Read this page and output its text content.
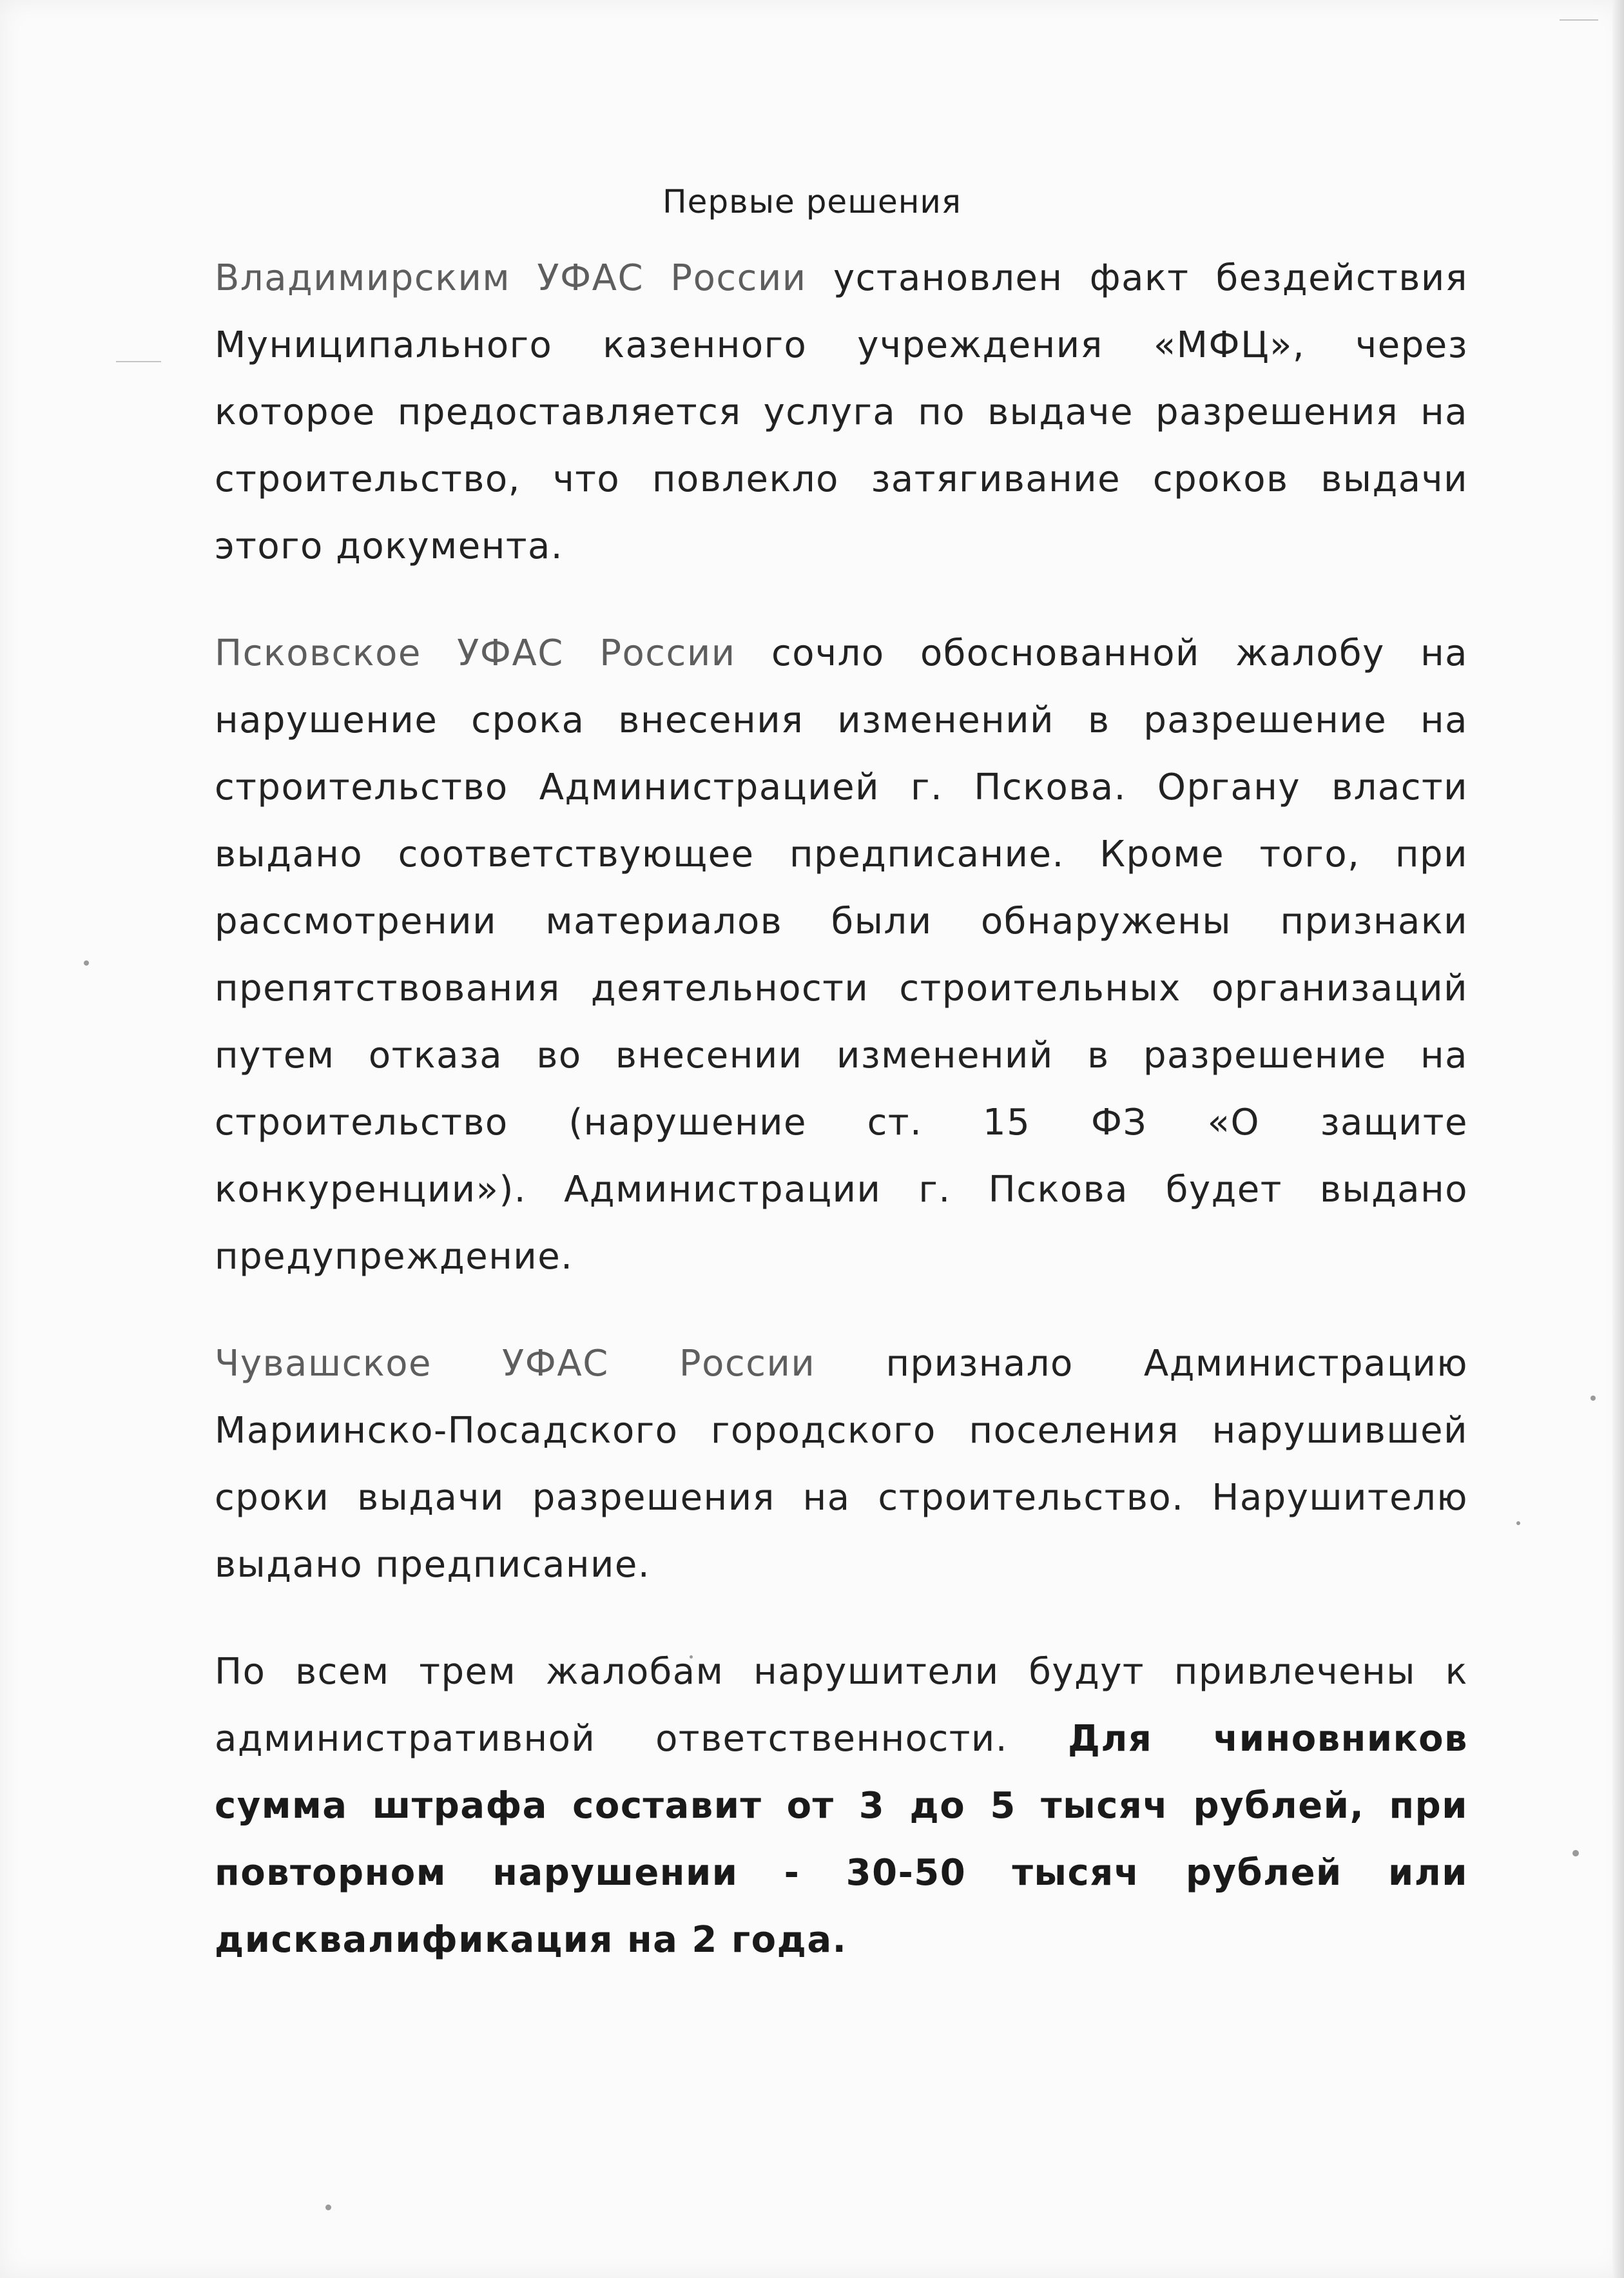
Первые решения

Владимирским УФАС России установлен факт бездействия Муниципального казенного учреждения «МФЦ», через которое предоставляется услуга по выдаче разрешения на строительство, что повлекло затягивание сроков выдачи этого документа.

Псковское УФАС России сочло обоснованной жалобу на нарушение срока внесения изменений в разрешение на строительство Администрацией г. Пскова. Органу власти выдано соответствующее предписание. Кроме того, при рассмотрении материалов были обнаружены признаки препятствования деятельности строительных организаций путем отказа во внесении изменений в разрешение на строительство (нарушение ст. 15 ФЗ «О защите конкуренции»). Администрации г. Пскова будет выдано предупреждение.

Чувашское УФАС России признало Администрацию Мариинско-Посадского городского поселения нарушившей сроки выдачи разрешения на строительство. Нарушителю выдано предписание.

По всем трем жалобам нарушители будут привлечены к административной ответственности. Для чиновников сумма штрафа составит от 3 до 5 тысяч рублей, при повторном нарушении - 30-50 тысяч рублей или дисквалификация на 2 года.
